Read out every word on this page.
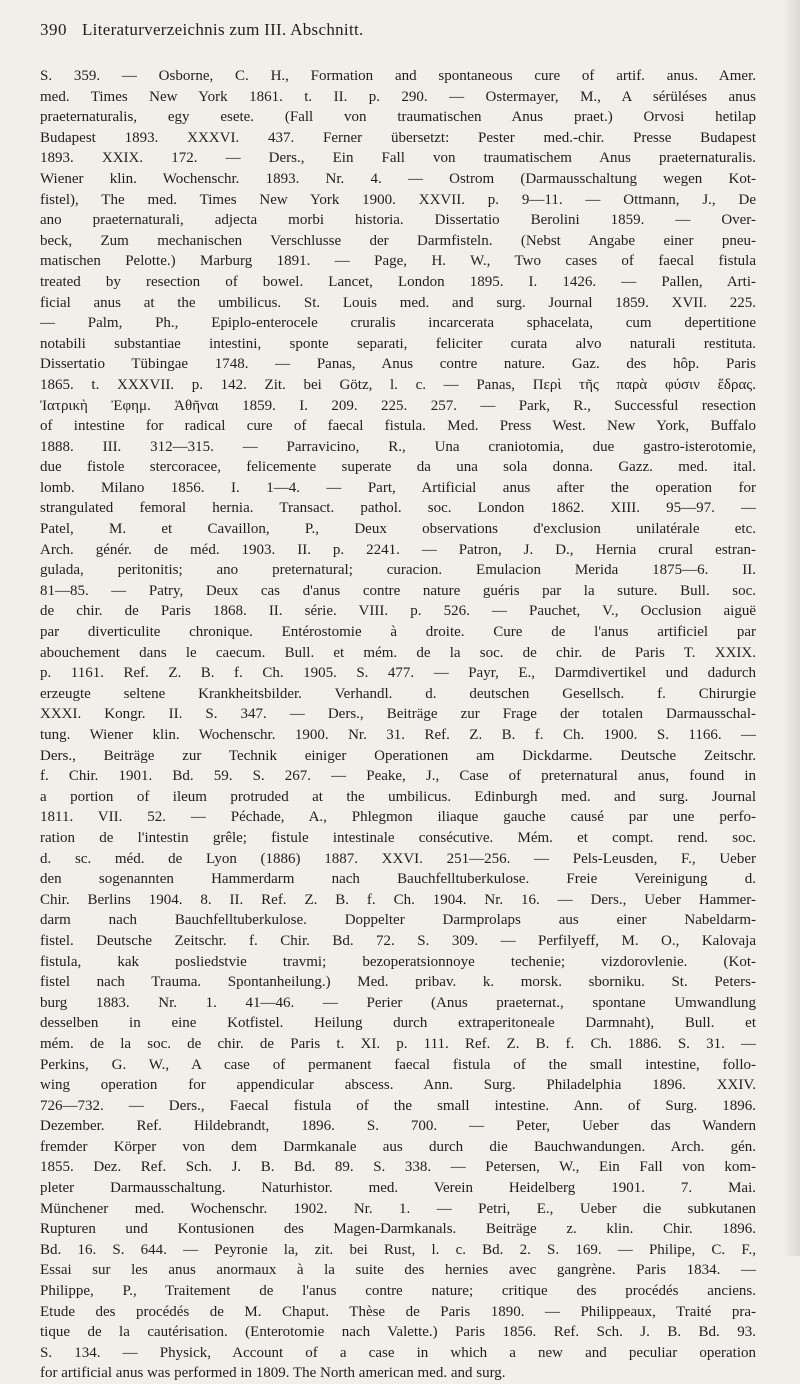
390 Literaturverzeichnis zum III. Abschnitt.
S. 359. — Osborne, C. H., Formation and spontaneous cure of artif. anus. Amer.
med. Times New York 1861. t. II. p. 290. — Ostermayer, M., A sérüléses anus
praeternaturalis, egy esete. (Fall von traumatischen Anus praet.) Orvosi hetilap
Budapest 1893. XXXVI. 437. Ferner übersetzt: Pester med.-chir. Presse Budapest
1893. XXIX. 172. — Ders., Ein Fall von traumatischem Anus praeternaturalis.
Wiener klin. Wochenschr. 1893. Nr. 4. — Ostrom (Darmausschaltung wegen Kot-
fistel), The med. Times New York 1900. XXVII. p. 9—11. — Ottmann, J., De
ano praeternaturali, adjecta morbi historia. Dissertatio Berolini 1859. — Over-
beck, Zum mechanischen Verschlusse der Darmfisteln. (Nebst Angabe einer pneu-
matischen Pelotte.) Marburg 1891. — Page, H. W., Two cases of faecal fistula
treated by resection of bowel. Lancet, London 1895. I. 1426. — Pallen, Arti-
ficial anus at the umbilicus. St. Louis med. and surg. Journal 1859. XVII. 225.
— Palm, Ph., Epiplo-enterocele cruralis incarcerata sphacelata, cum depertitione
notabili substantiae intestini, sponte separati, feliciter curata alvo naturali restituta.
Dissertatio Tübingae 1748. — Panas, Anus contre nature. Gaz. des hôp. Paris
1865. t. XXXVII. p. 142. Zit. bei Götz, l. c. — Panas, Περὶ τῆς παρὰ φύσιν ἕδρας.
Ἰατρικὴ Ἐφημ. Ἀθῆναι 1859. I. 209. 225. 257. — Park, R., Successful resection
of intestine for radical cure of faecal fistula. Med. Press West. New York, Buffalo
1888. III. 312—315. — Parravicino, R., Una craniotomia, due gastro-isterotomie,
due fistole stercoracee, felicemente superate da una sola donna. Gazz. med. ital.
lomb. Milano 1856. I. 1—4. — Part, Artificial anus after the operation for
strangulated femoral hernia. Transact. pathol. soc. London 1862. XIII. 95—97. —
Patel, M. et Cavaillon, P., Deux observations d'exclusion unilatérale etc.
Arch. génér. de méd. 1903. II. p. 2241. — Patron, J. D., Hernia crural estran-
gulada, peritonitis; ano preternatural; curacion. Emulacion Merida 1875—6. II.
81—85. — Patry, Deux cas d'anus contre nature guéris par la suture. Bull. soc.
de chir. de Paris 1868. II. série. VIII. p. 526. — Pauchet, V., Occlusion aiguë
par diverticulite chronique. Entérostomie à droite. Cure de l'anus artificiel par
abouchement dans le caecum. Bull. et mém. de la soc. de chir. de Paris T. XXIX.
p. 1161. Ref. Z. B. f. Ch. 1905. S. 477. — Payr, E., Darmdivertikel und dadurch
erzeugte seltene Krankheitsbilder. Verhandl. d. deutschen Gesellsch. f. Chirurgie
XXXI. Kongr. II. S. 347. — Ders., Beiträge zur Frage der totalen Darmausschal-
tung. Wiener klin. Wochenschr. 1900. Nr. 31. Ref. Z. B. f. Ch. 1900. S. 1166. —
Ders., Beiträge zur Technik einiger Operationen am Dickdarme. Deutsche Zeitschr.
f. Chir. 1901. Bd. 59. S. 267. — Peake, J., Case of preternatural anus, found in
a portion of ileum protruded at the umbilicus. Edinburgh med. and surg. Journal
1811. VII. 52. — Péchade, A., Phlegmon iliaque gauche causé par une perfo-
ration de l'intestin grêle; fistule intestinale consécutive. Mém. et compt. rend. soc.
d. sc. méd. de Lyon (1886) 1887. XXVI. 251—256. — Pels-Leusden, F., Ueber
den sogenannten Hammerdarm nach Bauchfelltuberkulose. Freie Vereinigung d.
Chir. Berlins 1904. 8. II. Ref. Z. B. f. Ch. 1904. Nr. 16. — Ders., Ueber Hammer-
darm nach Bauchfelltuberkulose. Doppelter Darmprolaps aus einer Nabeldarm-
fistel. Deutsche Zeitschr. f. Chir. Bd. 72. S. 309. — Perfilyeff, M. O., Kalovaja
fistula, kak posliedstvie travmi; bezoperatsionnoye techenie; vizdorovlenie. (Kot-
fistel nach Trauma. Spontanheilung.) Med. pribav. k. morsk. sborniku. St. Peters-
burg 1883. Nr. 1. 41—46. — Perier (Anus praeternat., spontane Umwandlung
desselben in eine Kotfistel. Heilung durch extraperitoneale Darmnaht), Bull. et
mém. de la soc. de chir. de Paris t. XI. p. 111. Ref. Z. B. f. Ch. 1886. S. 31. —
Perkins, G. W., A case of permanent faecal fistula of the small intestine, follo-
wing operation for appendicular abscess. Ann. Surg. Philadelphia 1896. XXIV.
726—732. — Ders., Faecal fistula of the small intestine. Ann. of Surg. 1896.
Dezember. Ref. Hildebrandt, 1896. S. 700. — Peter, Ueber das Wandern
fremder Körper von dem Darmkanale aus durch die Bauchwandungen. Arch. gén.
1855. Dez. Ref. Sch. J. B. Bd. 89. S. 338. — Petersen, W., Ein Fall von kom-
pleter Darmausschaltung. Naturhistor. med. Verein Heidelberg 1901. 7. Mai.
Münchener med. Wochenschr. 1902. Nr. 1. — Petri, E., Ueber die subkutanen
Rupturen und Kontusionen des Magen-Darmkanals. Beiträge z. klin. Chir. 1896.
Bd. 16. S. 644. — Peyronie la, zit. bei Rust, l. c. Bd. 2. S. 169. — Philipe, C. F.,
Essai sur les anus anormaux à la suite des hernies avec gangrène. Paris 1834. —
Philippe, P., Traitement de l'anus contre nature; critique des procédés anciens.
Etude des procédés de M. Chaput. Thèse de Paris 1890. — Philippeaux, Traité pra-
tique de la cautérisation. (Enterotomie nach Valette.) Paris 1856. Ref. Sch. J. B. Bd. 93.
S. 134. — Physick, Account of a case in which a new and peculiar operation
for artificial anus was performed in 1809. The North american med. and surg.
